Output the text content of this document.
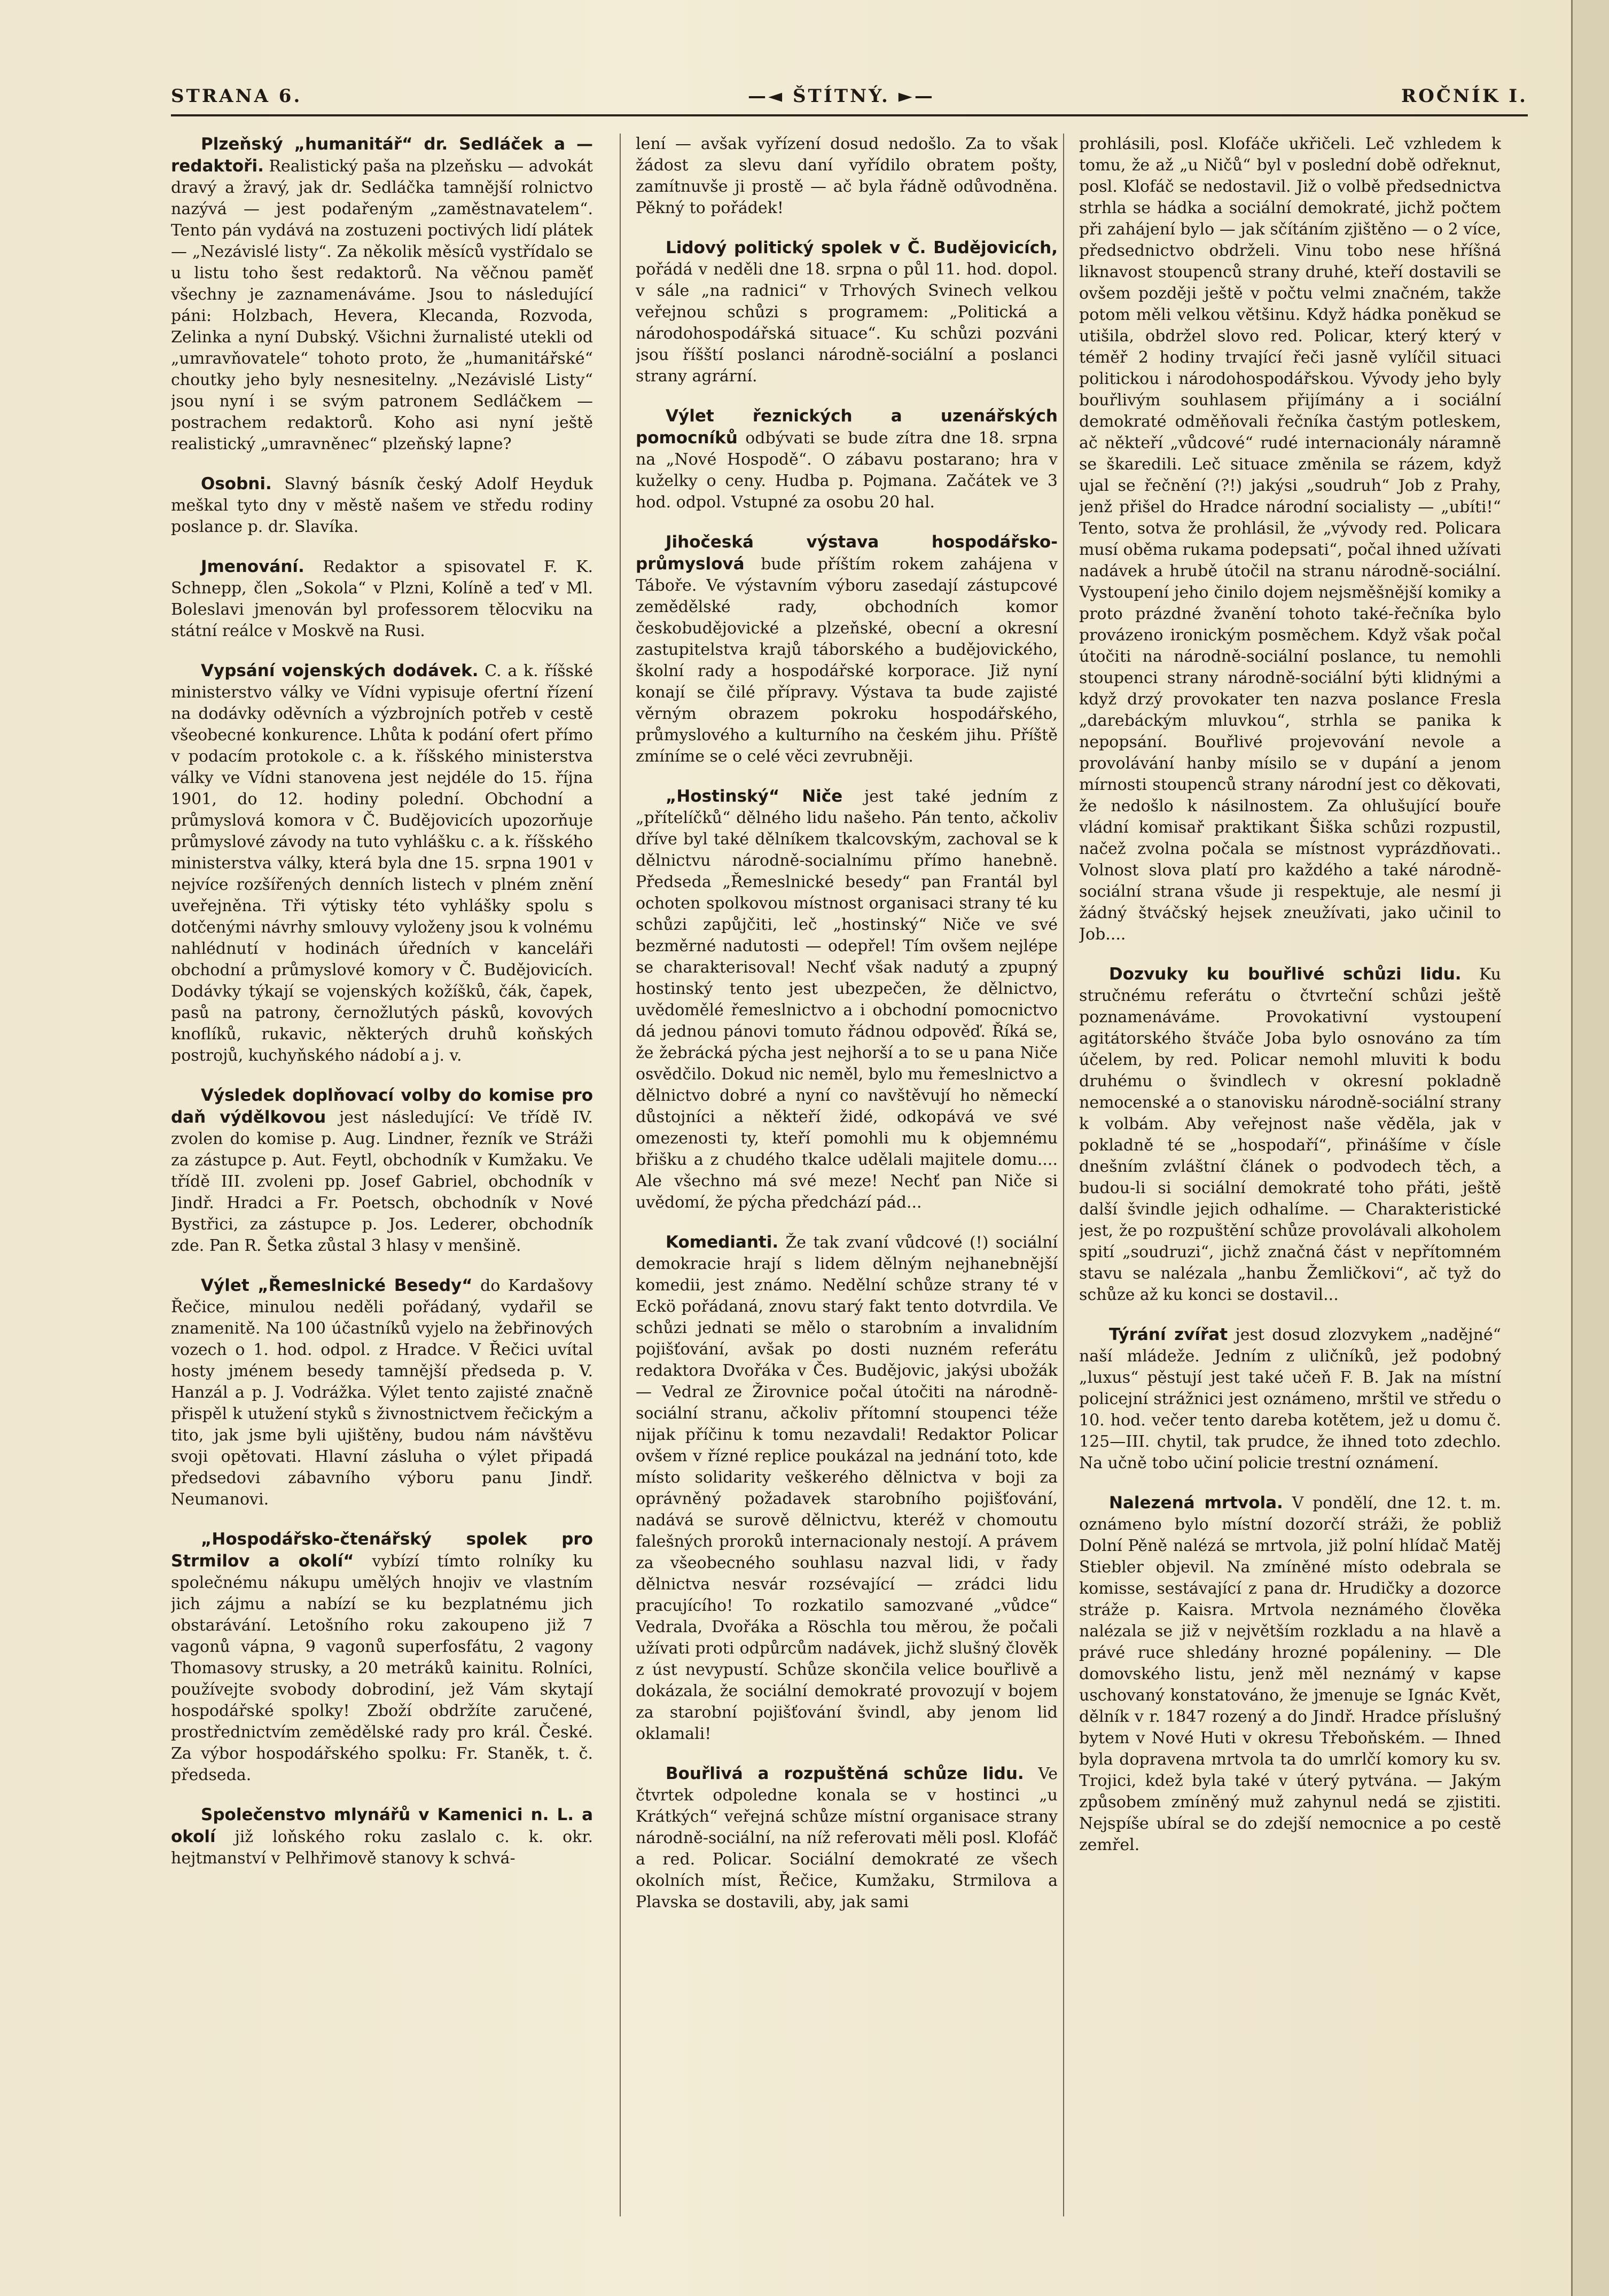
STRANA 6.	—◄ ŠTÍTNÝ. ►—	ROČNÍK I.

Plzeňský „humanitář“ dr. Sedláček a — redaktoři. Realistický paša na plzeňsku — advokát dravý a žravý, jak dr. Sedláčka tamnější rolnictvo nazývá — jest podařeným „zaměstnavatelem“. Tento pán vydává na zostuzeni poctivých lidí plátek — „Nezávislé listy“. Za několik měsíců vystřídalo se u listu toho šest redaktorů. Na věčnou paměť všechny je zaznamenáváme. Jsou to následující páni: Holzbach, Hevera, Klecanda, Rozvoda, Zelinka a nyní Dubský. Všichni žurnalisté utekli od „umravňovatele“ tohoto proto, že „humanitářské“ choutky jeho byly nesnesitelny. „Nezávislé Listy“ jsou nyní i se svým patronem Sedláčkem — postrachem redaktorů. Koho asi nyní ještě realistický „umravněnec“ plzeňský lapne?

Osobni. Slavný básník český Adolf Heyduk meškal tyto dny v městě našem ve středu rodiny poslance p. dr. Slavíka.

Jmenování. Redaktor a spisovatel F. K. Schnepp, člen „Sokola“ v Plzni, Kolíně a teď v Ml. Boleslavi jmenován byl professorem tělocviku na státní reálce v Moskvě na Rusi.

Vypsání vojenských dodávek. C. a k. říšské ministerstvo války ve Vídni vypisuje ofertní řízení na dodávky oděvních a výzbrojních potřeb v cestě všeobecné konkurence. Lhůta k podání ofert přímo v podacím protokole c. a k. říšského ministerstva války ve Vídni stanovena jest nejdéle do 15. října 1901, do 12. hodiny polední. Obchodní a průmyslová komora v Č. Budějovicích upozorňuje průmyslové závody na tuto vyhlášku c. a k. říšského ministerstva války, která byla dne 15. srpna 1901 v nejvíce rozšířených denních listech v plném znění uveřejněna. Tři výtisky této vyhlášky spolu s dotčenými návrhy smlouvy vyloženy jsou k volnému nahlédnutí v hodinách úředních v kanceláři obchodní a průmyslové komory v Č. Budějovicích. Dodávky týkají se vojenských kožíšků, čák, čapek, pasů na patrony, černožlutých pásků, kovových knoflíků, rukavic, některých druhů koňských postrojů, kuchyňského nádobí a j. v.

Výsledek doplňovací volby do komise pro daň výdělkovou jest následující: Ve třídě IV. zvolen do komise p. Aug. Lindner, řezník ve Stráži za zástupce p. Aut. Feytl, obchodník v Kumžaku. Ve třídě III. zvoleni pp. Josef Gabriel, obchodník v Jindř. Hradci a Fr. Poetsch, obchodník v Nové Bystřici, za zástupce p. Jos. Lederer, obchodník zde. Pan R. Šetka zůstal 3 hlasy v menšině.

Výlet „Řemeslnické Besedy“ do Kardašovy Řečice, minulou neděli pořádaný, vydařil se znamenitě. Na 100 účastníků vyjelo na žebřinových vozech o 1. hod. odpol. z Hradce. V Řečici uvítal hosty jménem besedy tamnější předseda p. V. Hanzál a p. J. Vodrážka. Výlet tento zajisté značně přispěl k utužení styků s živnostnictvem řečickým a tito, jak jsme byli ujištěny, budou nám návštěvu svoji opětovati. Hlavní zásluha o výlet připadá předsedovi zábavního výboru panu Jindř. Neumanovi.

„Hospodářsko-čtenářský spolek pro Strmilov a okolí“ vybízí tímto rolníky ku společnému nákupu umělých hnojiv ve vlastním jich zájmu a nabízí se ku bezplatnému jich obstarávání. Letošního roku zakoupeno již 7 vagonů vápna, 9 vagonů superfosfátu, 2 vagony Thomasovy strusky, a 20 metráků kainitu. Rolníci, používejte svobody dobrodiní, jež Vám skytají hospodářské spolky! Zboží obdržíte zaručené, prostřednictvím zemědělské rady pro král. České. Za výbor hospodářského spolku: Fr. Staněk, t. č. předseda.

Společenstvo mlynářů v Kamenici n. L. a okolí již loňského roku zaslalo c. k. okr. hejtmanství v Pelhřimově stanovy k schvá-

lení — avšak vyřízení dosud nedošlo. Za to však žádost za slevu daní vyřídilo obratem pošty, zamítnuvše ji prostě — ač byla řádně odůvodněna. Pěkný to pořádek!

Lidový politický spolek v Č. Budějovicích, pořádá v neděli dne 18. srpna o půl 11. hod. dopol. v sále „na radnici“ v Trhových Svinech velkou veřejnou schůzi s programem: „Politická a národohospodářská situace“. Ku schůzi pozváni jsou říšští poslanci národně-sociální a poslanci strany agrární.

Výlet řeznických a uzenářských pomocníků odbývati se bude zítra dne 18. srpna na „Nové Hospodě“. O zábavu postarano; hra v kuželky o ceny. Hudba p. Pojmana. Začátek ve 3 hod. odpol. Vstupné za osobu 20 hal.

Jihočeská výstava hospodářsko-průmyslová bude příštím rokem zahájena v Táboře. Ve výstavním výboru zasedají zástupcové zemědělské rady, obchodních komor českobudějovické a plzeňské, obecní a okresní zastupitelstva krajů táborského a budějovického, školní rady a hospodářské korporace. Již nyní konají se čilé přípravy. Výstava ta bude zajisté věrným obrazem pokroku hospodářského, průmyslového a kulturního na českém jihu. Příště zmíníme se o celé věci zevrubněji.

„Hostinský“ Niče jest také jedním z „přítelíčků“ dělného lidu našeho. Pán tento, ačkoliv dříve byl také dělníkem tkalcovským, zachoval se k dělnictvu národně-socialnímu přímo hanebně. Předseda „Řemeslnické besedy“ pan Frantál byl ochoten spolkovou místnost organisaci strany té ku schůzi zapůjčiti, leč „hostinský“ Niče ve své bezměrné nadutosti — odepřel! Tím ovšem nejlépe se charakterisoval! Nechť však nadutý a zpupný hostinský tento jest ubezpečen, že dělnictvo, uvědomělé řemeslnictvo a i obchodní pomocnictvo dá jednou pánovi tomuto řádnou odpověď. Říká se, že žebrácká pýcha jest nejhorší a to se u pana Niče osvědčilo. Dokud nic neměl, bylo mu řemeslnictvo a dělnictvo dobré a nyní co navštěvují ho německí důstojníci a někteří židé, odkopává ve své omezenosti ty, kteří pomohli mu k objemnému břišku a z chudého tkalce udělali majitele domu.... Ale všechno má své meze! Nechť pan Niče si uvědomí, že pýcha předchází pád...

Komedianti. Že tak zvaní vůdcové (!) sociální demokracie hrají s lidem dělným nejhanebnější komedii, jest známo. Nedělní schůze strany té v Eckö pořádaná, znovu starý fakt tento dotvrdila. Ve schůzi jednati se mělo o starobním a invalidním pojišťování, avšak po dosti nuzném referátu redaktora Dvořáka v Čes. Budějovic, jakýsi ubožák — Vedral ze Žirovnice počal útočiti na národně-sociální stranu, ačkoliv přítomní stoupenci téže nijak příčinu k tomu nezavdali! Redaktor Policar ovšem v řízné replice poukázal na jednání toto, kde místo solidarity veškerého dělnictva v boji za oprávněný požadavek starobního pojišťování, nadává se surově dělnictvu, kteréž v chomoutu falešných proroků internacionaly nestojí. A právem za všeobecného souhlasu nazval lidi, v řady dělnictva nesvár rozsévající — zrádci lidu pracujícího! To rozkatilo samozvané „vůdce“ Vedrala, Dvořáka a Röschla tou měrou, že počali užívati proti odpůrcům nadávek, jichž slušný člověk z úst nevypustí. Schůze skončila velice bouřlivě a dokázala, že sociální demokraté provozují v bojem za starobní pojišťování švindl, aby jenom lid oklamali!

Bouřlivá a rozpuštěná schůze lidu. Ve čtvrtek odpoledne konala se v hostinci „u Krátkých“ veřejná schůze místní organisace strany národně-sociální, na níž referovati měli posl. Klofáč a red. Policar. Sociální demokraté ze všech okolních míst, Řečice, Kumžaku, Strmilova a Plavska se dostavili, aby, jak sami

prohlásili, posl. Klofáče ukřičeli. Leč vzhledem k tomu, že až „u Ničů“ byl v poslední době odřeknut, posl. Klofáč se nedostavil. Již o volbě předsednictva strhla se hádka a sociální demokraté, jichž počtem při zahájení bylo — jak sčítáním zjištěno — o 2 více, předsednictvo obdrželi. Vinu tobo nese hříšná liknavost stoupenců strany druhé, kteří dostavili se ovšem později ještě v počtu velmi značném, takže potom měli velkou většinu. Když hádka poněkud se utišila, obdržel slovo red. Policar, který který v téměř 2 hodiny trvající řeči jasně vylíčil situaci politickou i národohospodářskou. Vývody jeho byly bouřlivým souhlasem přijímány a i sociální demokraté odměňovali řečníka častým potleskem, ač někteří „vůdcové“ rudé internacionály náramně se škaredili. Leč situace změnila se rázem, když ujal se řečnění (?!) jakýsi „soudruh“ Job z Prahy, jenž přišel do Hradce národní socialisty — „ubíti!“ Tento, sotva že prohlásil, že „vývody red. Policara musí oběma rukama podepsati“, počal ihned užívati nadávek a hrubě útočil na stranu národně-sociální. Vystoupení jeho činilo dojem nejsměšnější komiky a proto prázdné žvanění tohoto také-řečníka bylo provázeno ironickým posměchem. Když však počal útočiti na národně-sociální poslance, tu nemohli stoupenci strany národně-sociální býti klidnými a když drzý provokater ten nazva poslance Fresla „darebáckým mluvkou“, strhla se panika k nepopsání. Bouřlivé projevování nevole a provolávání hanby mísilo se v dupání a jenom mírnosti stoupenců strany národní jest co děkovati, že nedošlo k násilnostem. Za ohlušující bouře vládní komisař praktikant Šiška schůzi rozpustil, načež zvolna počala se místnost vyprázdňovati.. Volnost slova platí pro každého a také národně-sociální strana všude ji respektuje, ale nesmí ji žádný štváčský hejsek zneužívati, jako učinil to Job....

Dozvuky ku bouřlivé schůzi lidu. Ku stručnému referátu o čtvrteční schůzi ještě poznamenáváme. Provokativní vystoupení agitátorského štváče Joba bylo osnováno za tím účelem, by red. Policar nemohl mluviti k bodu druhému o švindlech v okresní pokladně nemocenské a o stanovisku národně-sociální strany k volbám. Aby veřejnost naše věděla, jak v pokladně té se „hospodaří“, přinášíme v čísle dnešním zvláštní článek o podvodech těch, a budou-li si sociální demokraté toho přáti, ještě další švindle jejich odhalíme. — Charakteristické jest, že po rozpuštění schůze provolávali alkoholem spití „soudruzi“, jichž značná část v nepřítomném stavu se nalézala „hanbu Žemličkovi“, ač tyž do schůze až ku konci se dostavil...

Týrání zvířat jest dosud zlozvykem „nadějné“ naší mládeže. Jedním z uličníků, jež podobný „luxus“ pěstují jest také učeň F. B. Jak na místní policejní strážnici jest oznámeno, mrštil ve středu o 10. hod. večer tento dareba kotětem, jež u domu č. 125—III. chytil, tak prudce, že ihned toto zdechlo. Na učně tobo učiní policie trestní oznámení.

Nalezená mrtvola. V pondělí, dne 12. t. m. oznámeno bylo místní dozorčí stráži, že pobliž Dolní Pěně nalézá se mrtvola, již polní hlídač Matěj Stiebler objevil. Na zmíněné místo odebrala se komisse, sestávající z pana dr. Hrudičky a dozorce stráže p. Kaisra. Mrtvola neznámého člověka nalézala se již v největším rozkladu a na hlavě a právé ruce shledány hrozné popáleniny. — Dle domovského listu, jenž měl neznámý v kapse uschovaný konstatováno, že jmenuje se Ignác Květ, dělník v r. 1847 rozený a do Jindř. Hradce příslušný bytem v Nové Huti v okresu Třeboňském. — Ihned byla dopravena mrtvola ta do umrlčí komory ku sv. Trojici, kdež byla také v úterý pytvána. — Jakým způsobem zmíněný muž zahynul nedá se zjistiti. Nejspíše ubíral se do zdejší nemocnice a po cestě zemřel.
